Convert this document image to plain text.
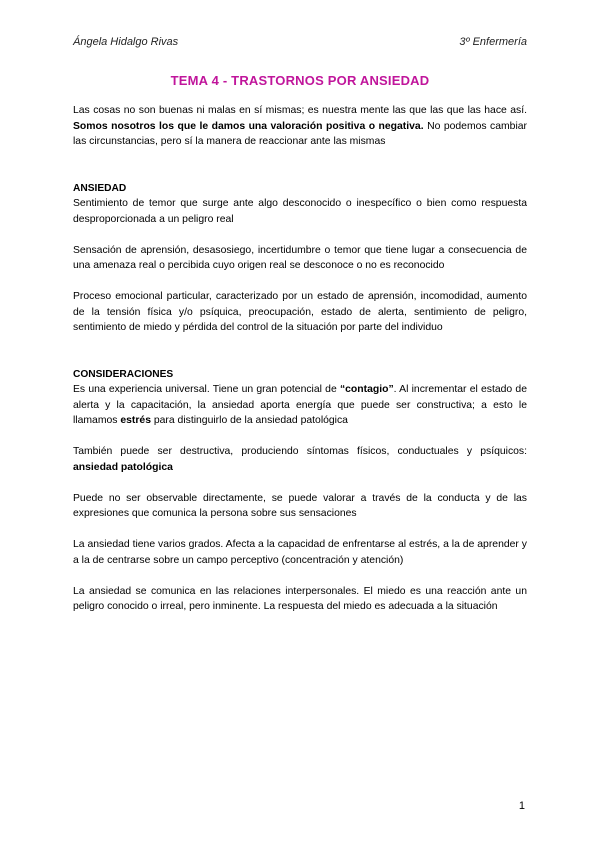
Ángela Hidalgo Rivas	3º Enfermería
TEMA 4 - TRASTORNOS POR ANSIEDAD

Las cosas no son buenas ni malas en sí mismas; es nuestra mente las que las que las hace así. Somos nosotros los que le damos una valoración positiva o negativa. No podemos cambiar las circunstancias, pero sí la manera de reaccionar ante las mismas

ANSIEDAD

Sentimiento de temor que surge ante algo desconocido o inespecífico o bien como respuesta desproporcionada a un peligro real

Sensación de aprensión, desasosiego, incertidumbre o temor que tiene lugar a consecuencia de una amenaza real o percibida cuyo origen real se desconoce o no es reconocido

Proceso emocional particular, caracterizado por un estado de aprensión, incomodidad, aumento de la tensión física y/o psíquica, preocupación, estado de alerta, sentimiento de peligro, sentimiento de miedo y pérdida del control de la situación por parte del individuo

CONSIDERACIONES

Es una experiencia universal. Tiene un gran potencial de “contagio”. Al incrementar el estado de alerta y la capacitación, la ansiedad aporta energía que puede ser constructiva; a esto le llamamos estrés para distinguirlo de la ansiedad patológica

También puede ser destructiva, produciendo síntomas físicos, conductuales y psíquicos: ansiedad patológica

Puede no ser observable directamente, se puede valorar a través de la conducta y de las expresiones que comunica la persona sobre sus sensaciones

La ansiedad tiene varios grados. Afecta a la capacidad de enfrentarse al estrés, a la de aprender y a la de centrarse sobre un campo perceptivo (concentración y atención)

La ansiedad se comunica en las relaciones interpersonales. El miedo es una reacción ante un peligro conocido o irreal, pero inminente. La respuesta del miedo es adecuada a la situación

1
